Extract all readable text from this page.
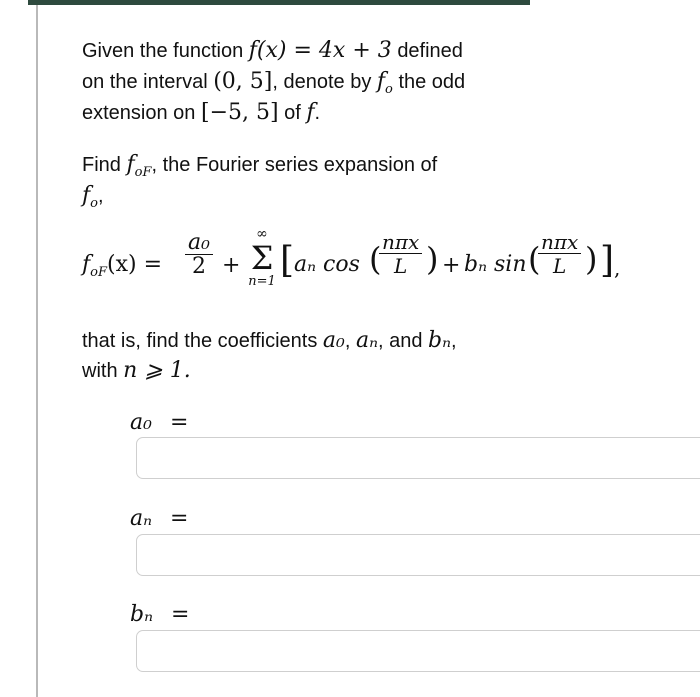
Given the function f(x) = 4x + 3 defined
on the interval (0, 5], denote by $f_o$ the odd
extension on [−5, 5] of f.
Find $f_{oF}$, the Fourier series expansion of
$f_o$,
$f_{oF}(x) = \frac{\text{a₀}}{2}$ +
∞
Σ
n=1
[ aₙ cos ( nπx
L ) + bₙ sin ( nπx
L ) ] ,
that is, find the coefficients a₀, aₙ, and bₙ,
with n ⩾ 1.
a₀ =
aₙ =
bₙ =
